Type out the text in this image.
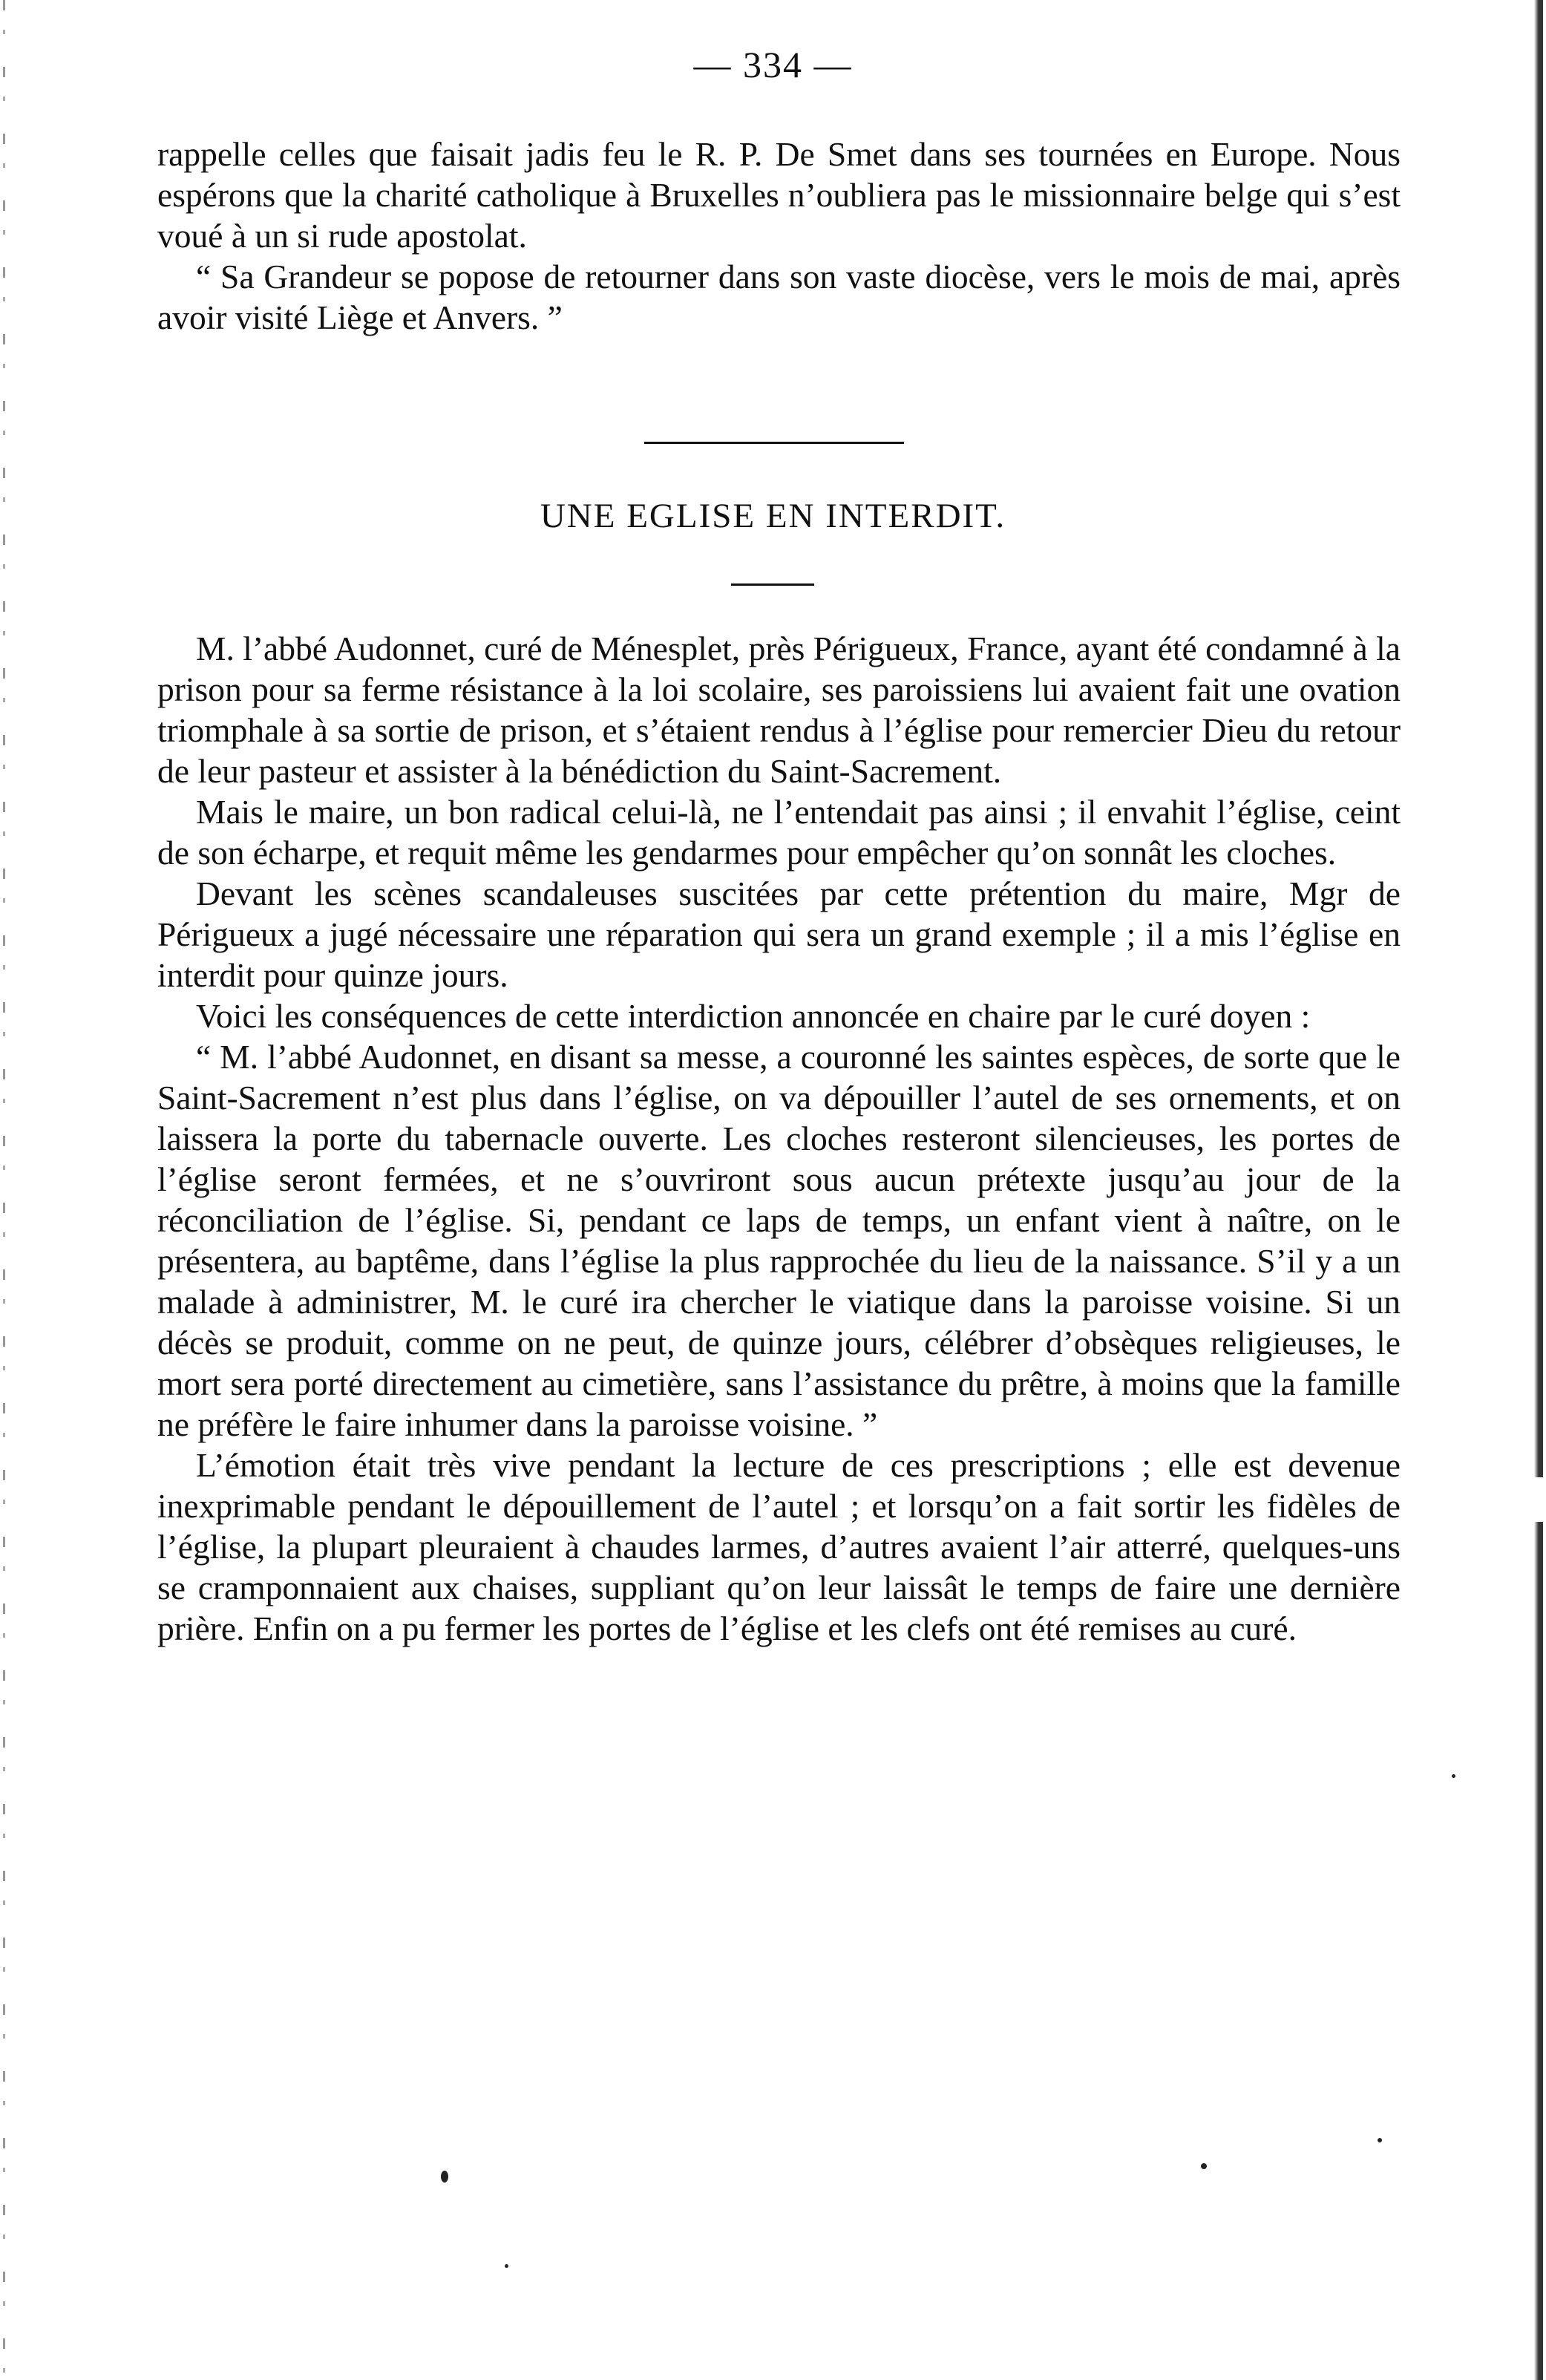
— 334 —

rappelle celles que faisait jadis feu le R. P. De Smet dans ses tournées en Europe. Nous espérons que la charité catholique à Bruxelles n’oubliera pas le missionnaire belge qui s’est voué à un si rude apostolat.

“ Sa Grandeur se popose de retourner dans son vaste diocèse, vers le mois de mai, après avoir visité Liège et Anvers. ”

UNE EGLISE EN INTERDIT.

M. l’abbé Audonnet, curé de Ménesplet, près Périgueux, France, ayant été condamné à la prison pour sa ferme résistance à la loi scolaire, ses paroissiens lui avaient fait une ovation triomphale à sa sortie de prison, et s’étaient rendus à l’église pour remercier Dieu du retour de leur pasteur et assister à la bénédiction du Saint-Sacrement.

Mais le maire, un bon radical celui-là, ne l’entendait pas ainsi ; il envahit l’église, ceint de son écharpe, et requit même les gendarmes pour empêcher qu’on sonnât les cloches.

Devant les scènes scandaleuses suscitées par cette prétention du maire, Mgr de Périgueux a jugé nécessaire une réparation qui sera un grand exemple ; il a mis l’église en interdit pour quinze jours.

Voici les conséquences de cette interdiction annoncée en chaire par le curé doyen :

“ M. l’abbé Audonnet, en disant sa messe, a couronné les saintes espèces, de sorte que le Saint-Sacrement n’est plus dans l’église, on va dépouiller l’autel de ses ornements, et on laissera la porte du tabernacle ouverte. Les cloches resteront silencieuses, les portes de l’église seront fermées, et ne s’ouvriront sous aucun prétexte jusqu’au jour de la réconciliation de l’église. Si, pendant ce laps de temps, un enfant vient à naître, on le présentera, au baptême, dans l’église la plus rapprochée du lieu de la naissance. S’il y a un malade à administrer, M. le curé ira chercher le viatique dans la paroisse voisine. Si un décès se produit, comme on ne peut, de quinze jours, célébrer d’obsèques religieuses, le mort sera porté directement au cimetière, sans l’assistance du prêtre, à moins que la famille ne préfère le faire inhumer dans la paroisse voisine. ”

L’émotion était très vive pendant la lecture de ces prescriptions ; elle est devenue inexprimable pendant le dépouillement de l’autel ; et lorsqu’on a fait sortir les fidèles de l’église, la plupart pleuraient à chaudes larmes, d’autres avaient l’air atterré, quelques-uns se cramponnaient aux chaises, suppliant qu’on leur laissât le temps de faire une dernière prière. Enfin on a pu fermer les portes de l’église et les clefs ont été remises au curé.
